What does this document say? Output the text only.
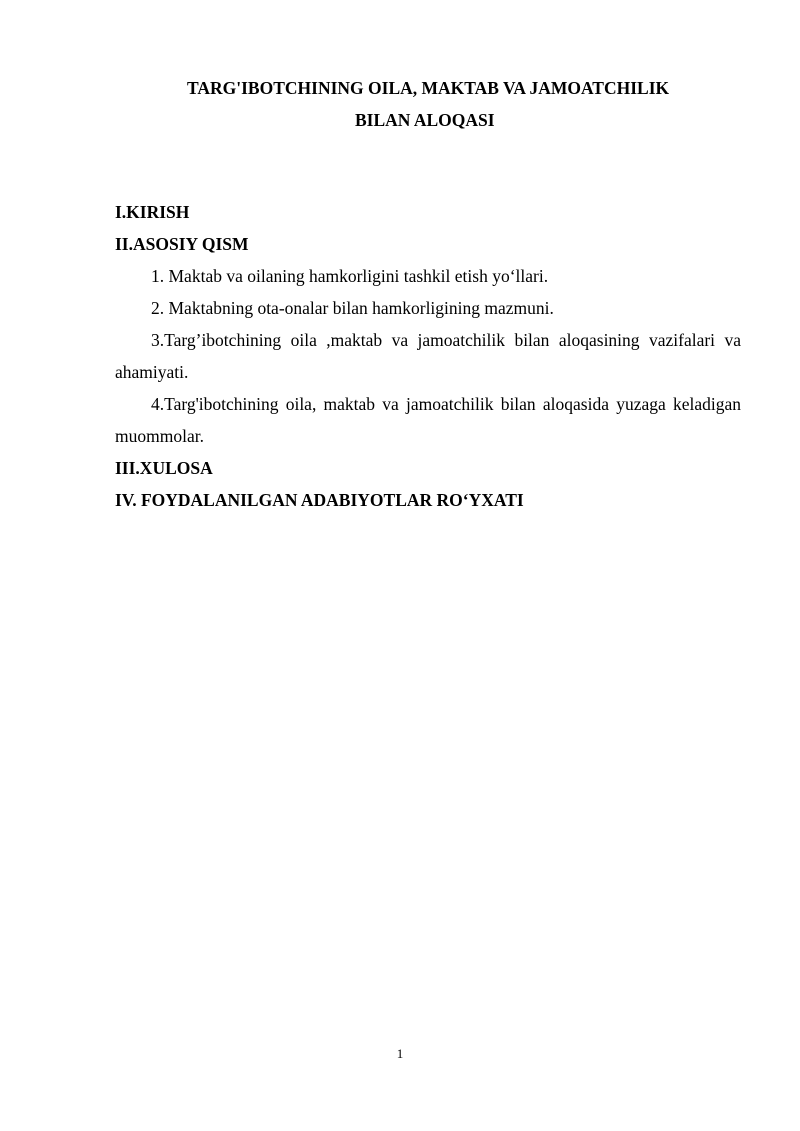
TARG'IBOTCHINING OILA, MAKTAB VA JAMOATCHILIK
BILAN ALOQASI
I.KIRISH
II.ASOSIY QISM
1. Maktab va oilaning hamkorligini tashkil etish yo‘llari.
2. Maktabning ota-onalar bilan hamkorligining mazmuni.
3.Targ’ibotchining oila ,maktab va jamoatchilik bilan aloqasining vazifalari va ahamiyati.
4.Targ'ibotchining oila, maktab va jamoatchilik bilan aloqasida yuzaga keladigan muommolar.
III.XULOSA
IV. FOYDALANILGAN ADABIYOTLAR RO‘YXATI
1
